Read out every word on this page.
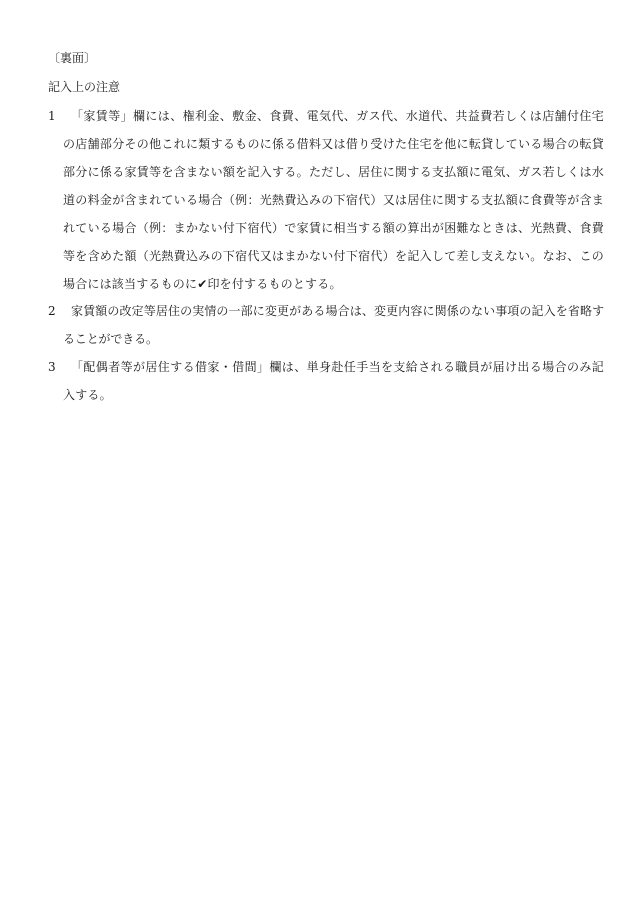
〔裏面〕
記入上の注意
1	「家賃等」欄には、権利金、敷金、食費、電気代、ガス代、水道代、共益費若しくは店舗付住宅の店舗部分その他これに類するものに係る借料又は借り受けた住宅を他に転貸している場合の転貸部分に係る家賃等を含まない額を記入する。ただし、居住に関する支払額に電気、ガス若しくは水道の料金が含まれている場合（例：光熱費込みの下宿代）又は居住に関する支払額に食費等が含まれている場合（例：まかない付下宿代）で家賃に相当する額の算出が困難なときは、光熱費、食費等を含めた額（光熱費込みの下宿代又はまかない付下宿代）を記入して差し支えない。なお、この場合には該当するものに✔印を付するものとする。
2	家賃額の改定等居住の実情の一部に変更がある場合は、変更内容に関係のない事項の記入を省略することができる。
3	「配偶者等が居住する借家・借間」欄は、単身赴任手当を支給される職員が届け出る場合のみ記入する。
